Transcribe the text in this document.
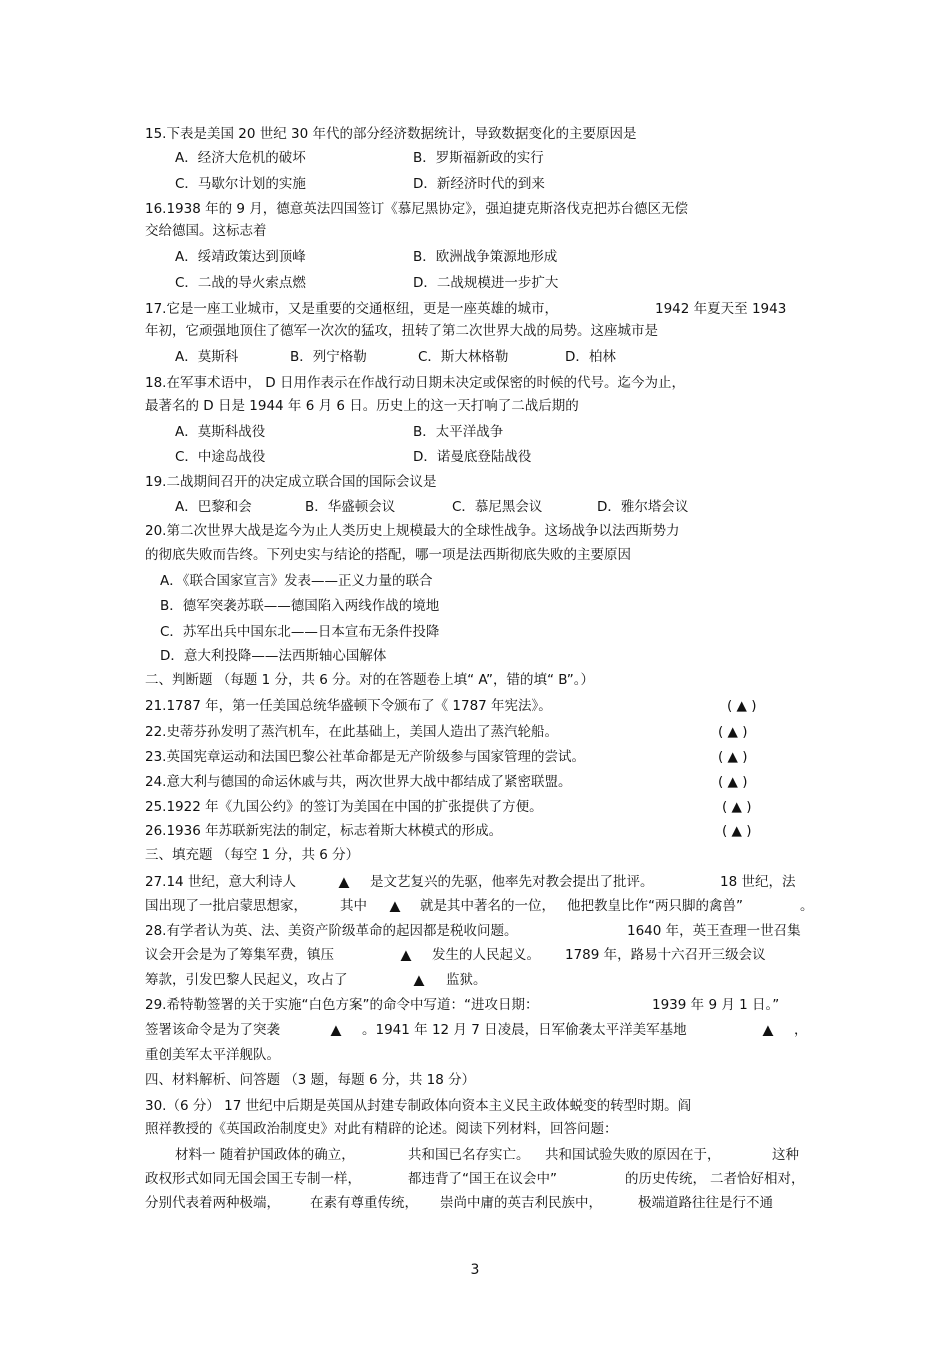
15.下表是美国 20 世纪 30 年代的部分经济数据统计，导致数据变化的主要原因是
A．经济大危机的破坏	B．罗斯福新政的实行
C．马歇尔计划的实施	D．新经济时代的到来
16.1938 年的 9 月，德意英法四国签订《慕尼黑协定》，强迫捷克斯洛伐克把苏台德区无偿
交给德国。这标志着
A．绥靖政策达到顶峰	B．欧洲战争策源地形成
C．二战的导火索点燃	D．二战规模进一步扩大
17.它是一座工业城市，又是重要的交通枢纽，更是一座英雄的城市，	1942 年夏天至 1943
年初，它顽强地顶住了德军一次次的猛攻，扭转了第二次世界大战的局势。这座城市是
A．莫斯科	B．列宁格勒	C．斯大林格勒	D．柏林
18.在军事术语中， D 日用作表示在作战行动日期未决定或保密的时候的代号。迄今为止，
最著名的 D 日是 1944 年 6 月 6 日。历史上的这一天打响了二战后期的
A．莫斯科战役	B．太平洋战争
C．中途岛战役	D．诺曼底登陆战役
19.二战期间召开的决定成立联合国的国际会议是
A．巴黎和会	B．华盛顿会议	C．慕尼黑会议	D．雅尔塔会议
20.第二次世界大战是迄今为止人类历史上规模最大的全球性战争。这场战争以法西斯势力
的彻底失败而告终。下列史实与结论的搭配，哪一项是法西斯彻底失败的主要原因
A．《联合国家宣言》发表——正义力量的联合
B．德军突袭苏联——德国陷入两线作战的境地
C．苏军出兵中国东北——日本宣布无条件投降
D．意大利投降——法西斯轴心国解体
二、判断题 （每题 1 分，共 6 分。对的在答题卷上填“ A”，错的填“ B”。）
21.1787 年，第一任美国总统华盛顿下令颁布了《 1787 年宪法》。	( ▲ )
22.史蒂芬孙发明了蒸汽机车，在此基础上，美国人造出了蒸汽轮船。	( ▲ )
23.英国宪章运动和法国巴黎公社革命都是无产阶级参与国家管理的尝试。	( ▲ )
24.意大利与德国的命运休戚与共，两次世界大战中都结成了紧密联盟。	( ▲ )
25.1922 年《九国公约》的签订为美国在中国的扩张提供了方便。	( ▲ )
26.1936 年苏联新宪法的制定，标志着斯大林模式的形成。	( ▲ )
三、填充题 （每空 1 分，共 6 分）
27.14 世纪，意大利诗人	▲	是文艺复兴的先驱，他率先对教会提出了批评。	18 世纪，法
国出现了一批启蒙思想家， 其中	▲	就是其中著名的一位， 他把教皇比作“两只脚的禽兽”	。
28.有学者认为英、法、美资产阶级革命的起因都是税收问题。	1640 年，英王查理一世召集
议会开会是为了筹集军费，镇压	▲	发生的人民起义。 1789 年，路易十六召开三级会议
筹款，引发巴黎人民起义，攻占了	▲	监狱。
29.希特勒签署的关于实施“白色方案”的命令中写道：“进攻日期：	1939 年 9 月 1 日。”
签署该命令是为了突袭	▲	。1941 年 12 月 7 日凌晨，日军偷袭太平洋美军基地	▲	，
重创美军太平洋舰队。
四、材料解析、问答题 （3 题，每题 6 分，共 18 分）
30.（6 分） 17 世纪中后期是英国从封建专制政体向资本主义民主政体蜕变的转型时期。阎
照祥教授的《英国政治制度史》对此有精辟的论述。阅读下列材料，回答问题：
材料一 随着护国政体的确立，	共和国已名存实亡。 共和国试验失败的原因在于，	这种
政权形式如同无国会国王专制一样，	都违背了“国王在议会中”	的历史传统， 二者恰好相对，
分别代表着两种极端， 在素有尊重传统， 崇尚中庸的英吉利民族中，	极端道路往往是行不通
3
